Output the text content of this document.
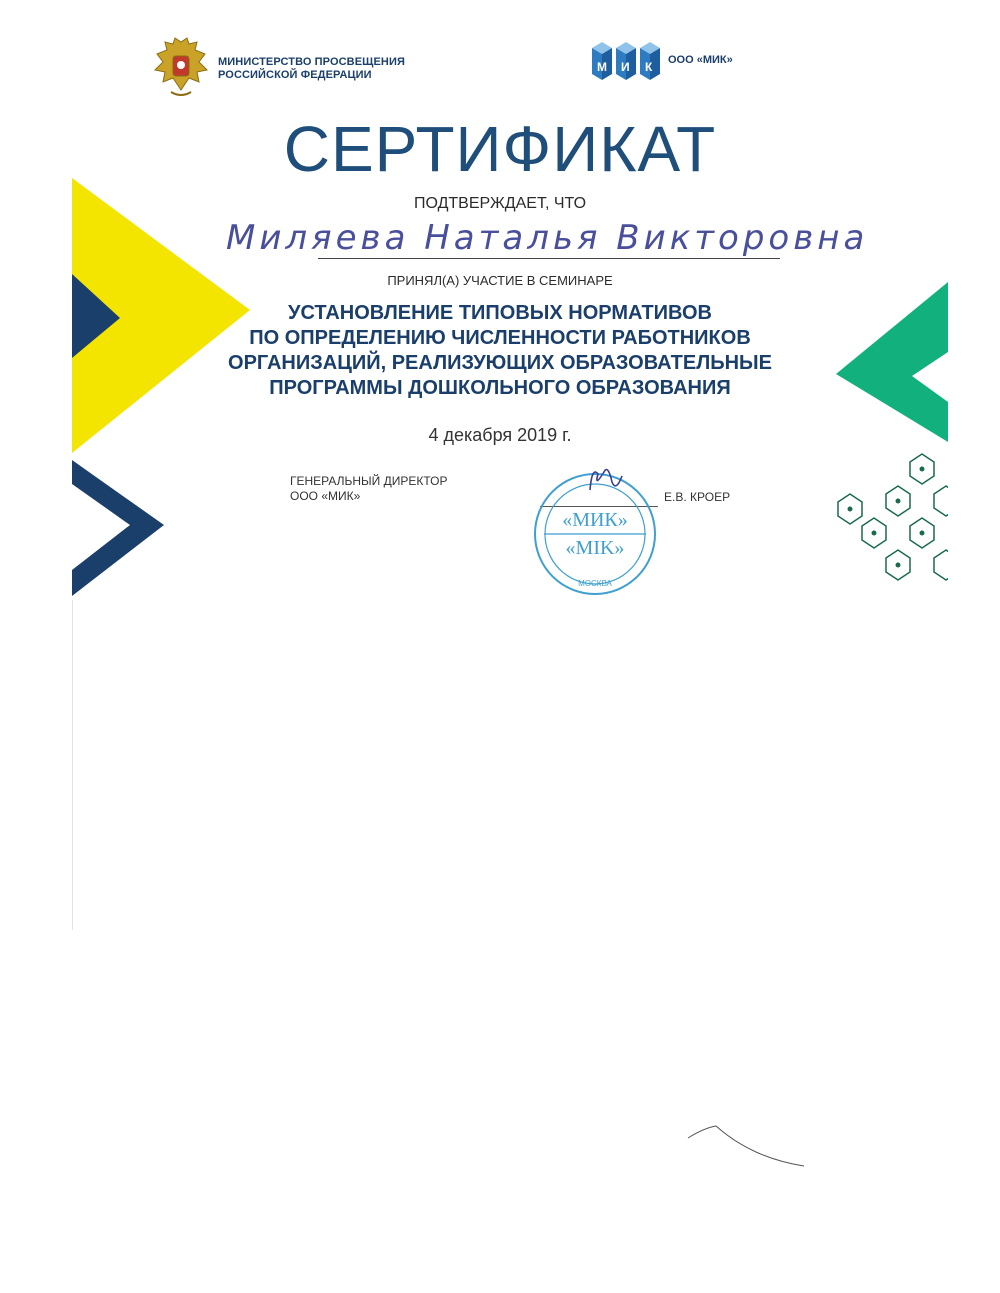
МИНИСТЕРСТВО ПРОСВЕЩЕНИЯ
РОССИЙСКОЙ ФЕДЕРАЦИИ
М И К ООО «МИК»
СЕРТИФИКАТ
ПОДТВЕРЖДАЕТ, ЧТО
Миляева Наталья Викторовна
ПРИНЯЛ(А) УЧАСТИЕ В СЕМИНАРЕ
УСТАНОВЛЕНИЕ ТИПОВЫХ НОРМАТИВОВ
ПО ОПРЕДЕЛЕНИЮ ЧИСЛЕННОСТИ РАБОТНИКОВ
ОРГАНИЗАЦИЙ, РЕАЛИЗУЮЩИХ ОБРАЗОВАТЕЛЬНЫЕ
ПРОГРАММЫ ДОШКОЛЬНОГО ОБРАЗОВАНИЯ
4 декабря 2019 г.
ГЕНЕРАЛЬНЫЙ ДИРЕКТОР
ООО «МИК»	Е.В. КРОЕР
«МИК»
«MIK»
МОСКВА
